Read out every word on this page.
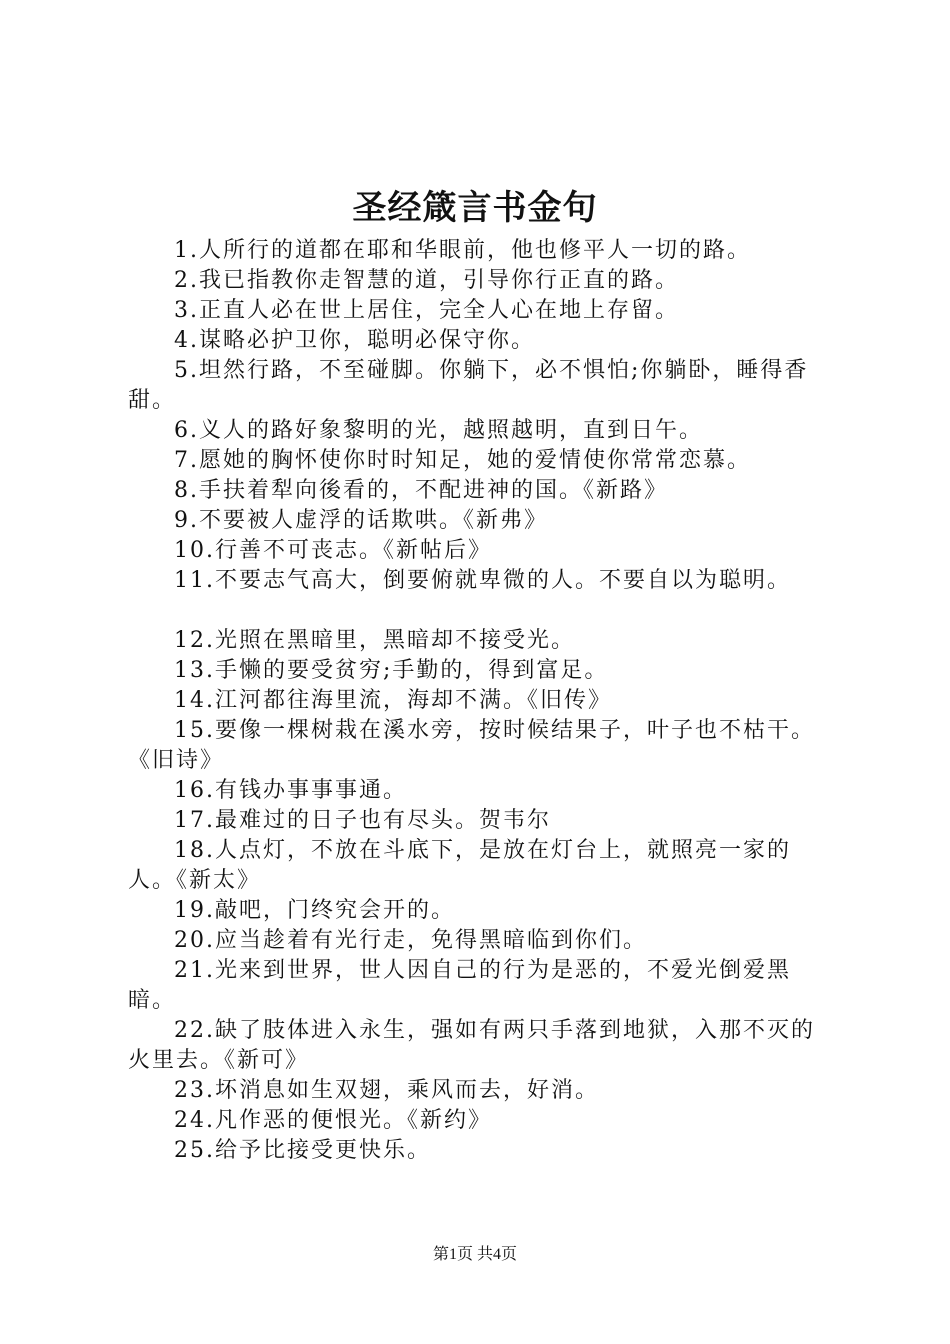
圣经箴言书金句

1.人所行的道都在耶和华眼前，他也修平人一切的路。

2.我已指教你走智慧的道，引导你行正直的路。

3.正直人必在世上居住，完全人心在地上存留。

4.谋略必护卫你，聪明必保守你。

5.坦然行路，不至碰脚。你躺下，必不惧怕;你躺卧，睡得香甜。

6.义人的路好象黎明的光，越照越明，直到日午。

7.愿她的胸怀使你时时知足，她的爱情使你常常恋慕。

8.手扶着犁向後看的，不配进神的国。《新路》

9.不要被人虚浮的话欺哄。《新弗》

10.行善不可丧志。《新帖后》

11.不要志气高大，倒要俯就卑微的人。不要自以为聪明。

12.光照在黑暗里，黑暗却不接受光。

13.手懒的要受贫穷;手勤的，得到富足。

14.江河都往海里流，海却不满。《旧传》

15.要像一棵树栽在溪水旁，按时候结果子，叶子也不枯干。《旧诗》

16.有钱办事事事通。

17.最难过的日子也有尽头。贺韦尔

18.人点灯，不放在斗底下，是放在灯台上，就照亮一家的人。《新太》

19.敲吧，门终究会开的。

20.应当趁着有光行走，免得黑暗临到你们。

21.光来到世界，世人因自己的行为是恶的，不爱光倒爱黑暗。

22.缺了肢体进入永生，强如有两只手落到地狱，入那不灭的火里去。《新可》

23.坏消息如生双翅，乘风而去，好消。

24.凡作恶的便恨光。《新约》

25.给予比接受更快乐。

第1页 共4页
